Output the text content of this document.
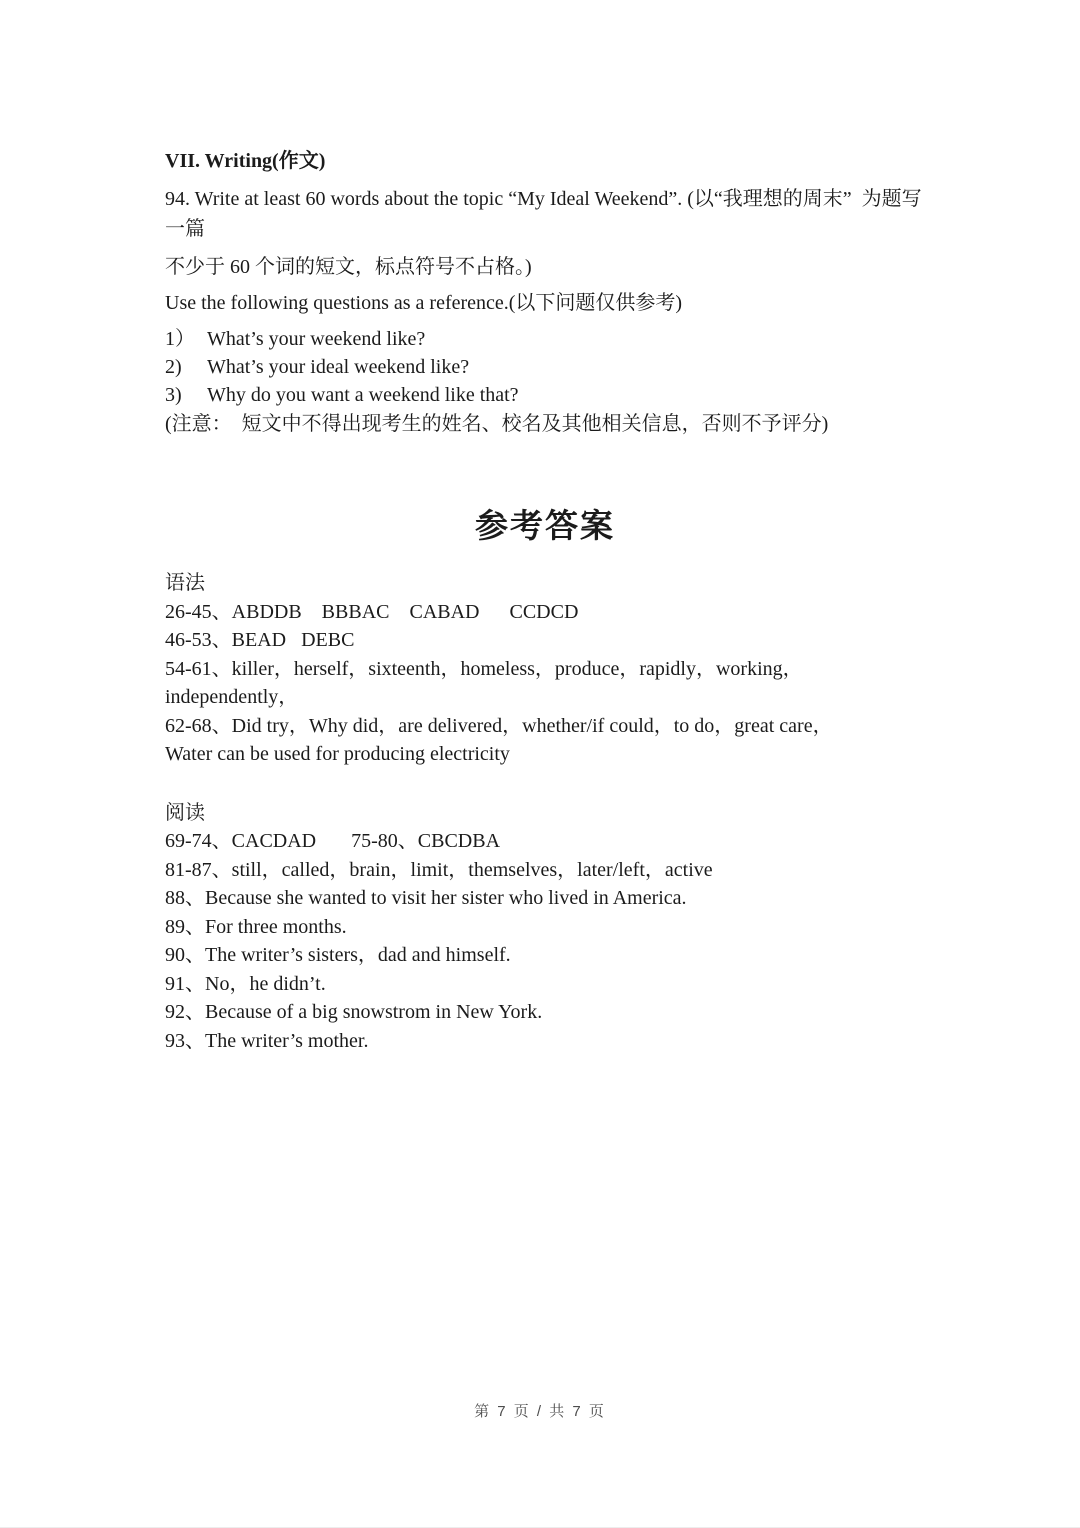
VII. Writing(作文)

94. Write at least 60 words about the topic “My Ideal Weekend”. (以“我理想的周末”  为题写一篇

不少于 60 个词的短文，标点符号不占格。)

Use the following questions as a reference.(以下问题仅供参考)

1） What’s your weekend like?
2) What’s your ideal weekend like?
3) Why do you want a weekend like that?

(注意：  短文中不得出现考生的姓名、校名及其他相关信息，否则不予评分)

参考答案

语法

26-45、ABDDB    BBBAC    CABAD      CCDCD

46-53、BEAD   DEBC

54-61、killer，herself，sixteenth，homeless，produce，rapidly，working，independently，

62-68、Did try，Why did，are delivered，whether/if could，to do，great care，

Water can be used for producing electricity

阅读

69-74、CACDAD       75-80、CBCDBA

81-87、still，called，brain，limit，themselves，later/left，active

88、Because she wanted to visit her sister who lived in America.

89、For three months.

90、The writer’s sisters，dad and himself.

91、No，he didn’t.

92、Because of a big snowstrom in New York.

93、The writer’s mother.

第 7 页 / 共 7 页
